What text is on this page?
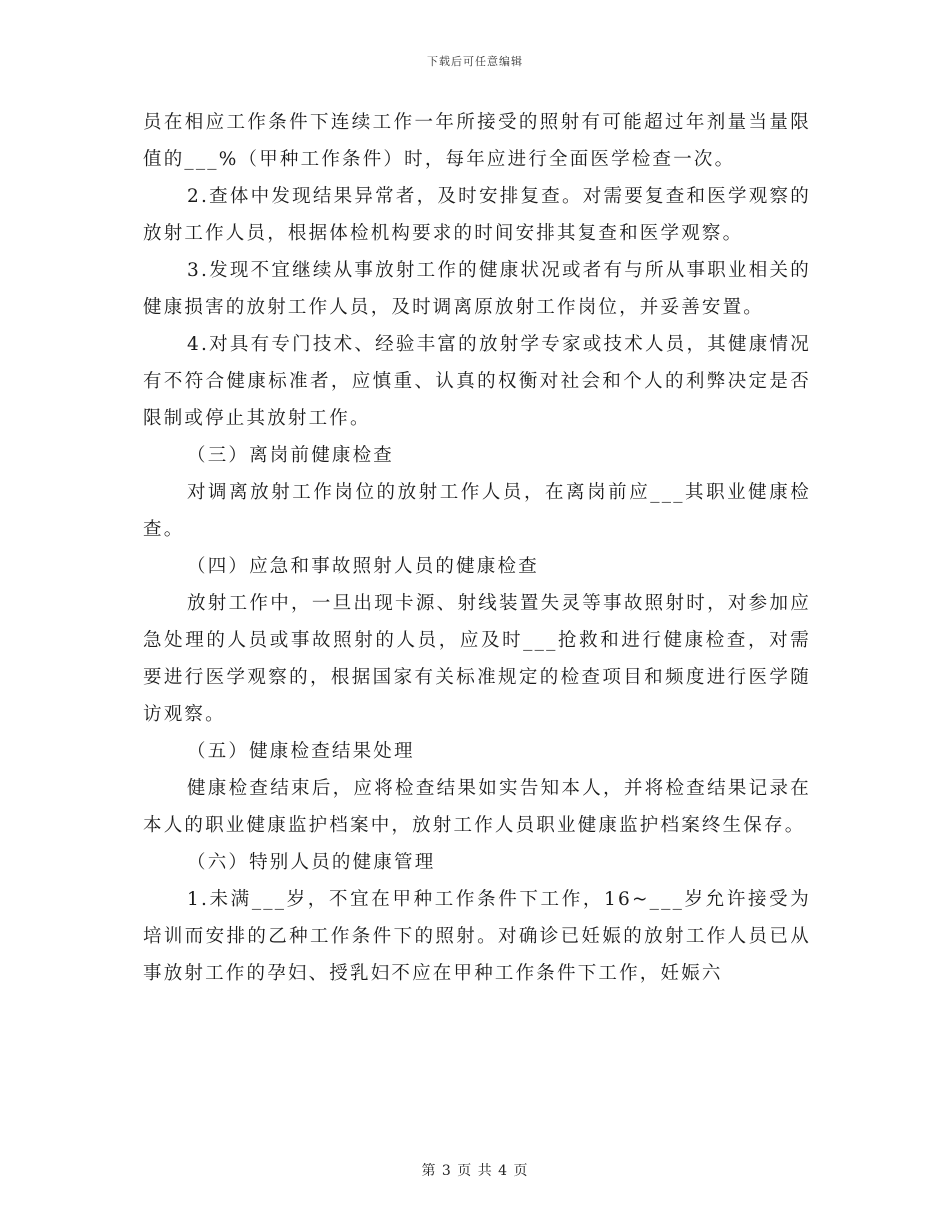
下载后可任意编辑

员在相应工作条件下连续工作一年所接受的照射有可能超过年剂量当量限值的___%（甲种工作条件）时，每年应进行全面医学检查一次。

2.查体中发现结果异常者，及时安排复查。对需要复查和医学观察的放射工作人员，根据体检机构要求的时间安排其复查和医学观察。

3.发现不宜继续从事放射工作的健康状况或者有与所从事职业相关的健康损害的放射工作人员，及时调离原放射工作岗位，并妥善安置。

4.对具有专门技术、经验丰富的放射学专家或技术人员，其健康情况有不符合健康标准者，应慎重、认真的权衡对社会和个人的利弊决定是否限制或停止其放射工作。

（三）离岗前健康检查

对调离放射工作岗位的放射工作人员，在离岗前应___其职业健康检查。

（四）应急和事故照射人员的健康检查

放射工作中，一旦出现卡源、射线装置失灵等事故照射时，对参加应急处理的人员或事故照射的人员，应及时___抢救和进行健康检查，对需要进行医学观察的，根据国家有关标准规定的检查项目和频度进行医学随访观察。

（五）健康检查结果处理

健康检查结束后，应将检查结果如实告知本人，并将检查结果记录在本人的职业健康监护档案中，放射工作人员职业健康监护档案终生保存。

（六）特别人员的健康管理

1.未满___岁，不宜在甲种工作条件下工作，16~___岁允许接受为培训而安排的乙种工作条件下的照射。对确诊已妊娠的放射工作人员已从事放射工作的孕妇、授乳妇不应在甲种工作条件下工作，妊娠六

第 3 页 共 4 页
